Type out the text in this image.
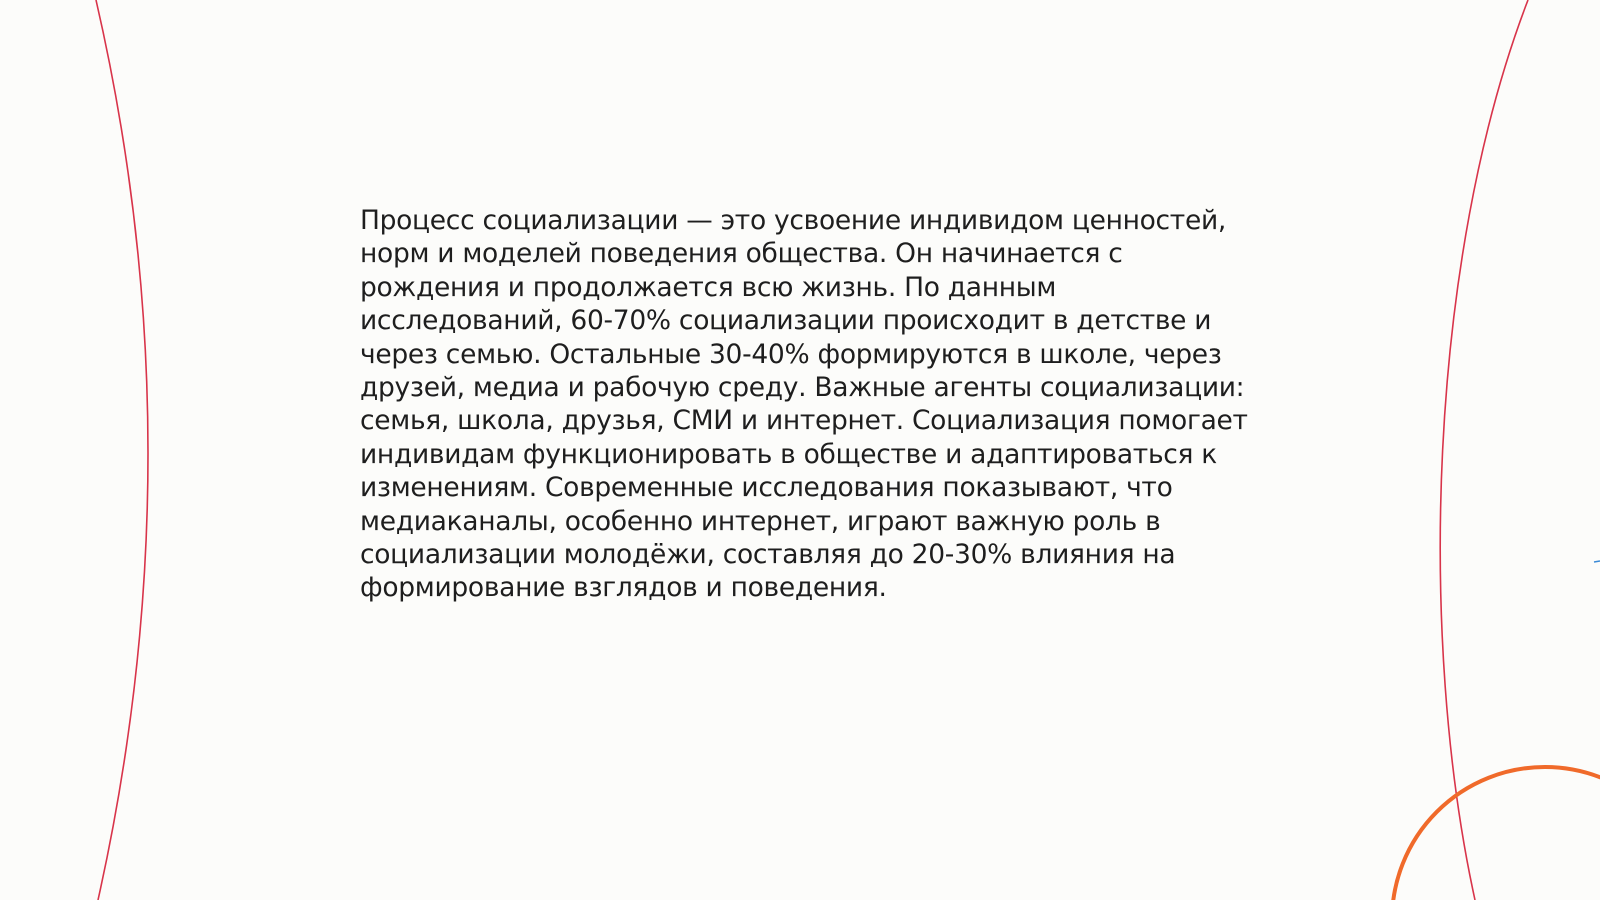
Процесс социализации — это усвоение индивидом ценностей,
норм и моделей поведения общества. Он начинается с
рождения и продолжается всю жизнь. По данным
исследований, 60-70% социализации происходит в детстве и
через семью. Остальные 30-40% формируются в школе, через
друзей, медиа и рабочую среду. Важные агенты социализации:
семья, школа, друзья, СМИ и интернет. Социализация помогает
индивидам функционировать в обществе и адаптироваться к
изменениям. Современные исследования показывают, что
медиаканалы, особенно интернет, играют важную роль в
социализации молодёжи, составляя до 20-30% влияния на
формирование взглядов и поведения.
